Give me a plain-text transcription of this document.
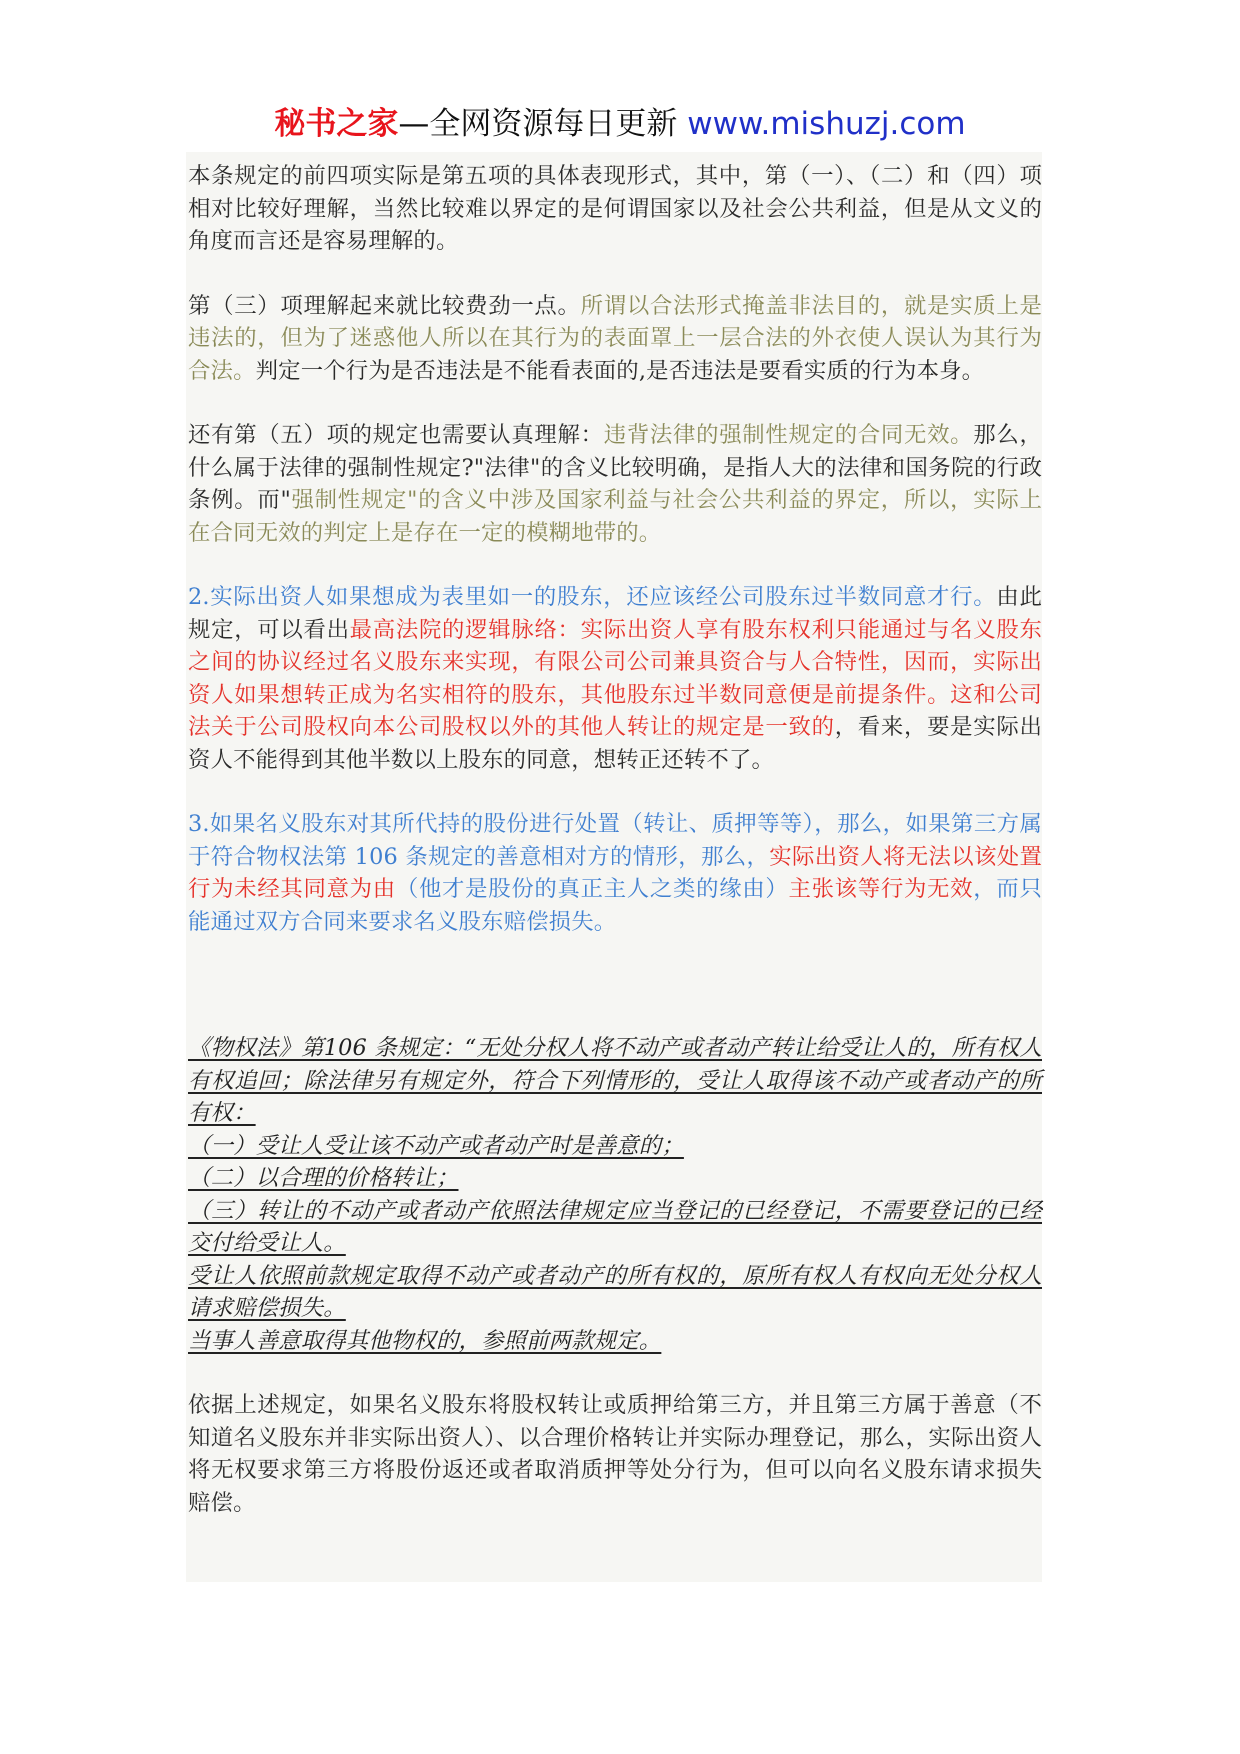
秘书之家—全网资源每日更新 www.mishuzj.com

本条规定的前四项实际是第五项的具体表现形式，其中，第（一）、（二）和（四）项相对比较好理解，当然比较难以界定的是何谓国家以及社会公共利益，但是从文义的角度而言还是容易理解的。

第（三）项理解起来就比较费劲一点。所谓以合法形式掩盖非法目的，就是实质上是违法的，但为了迷惑他人所以在其行为的表面罩上一层合法的外衣使人误认为其行为合法。判定一个行为是否违法是不能看表面的,是否违法是要看实质的行为本身。

还有第（五）项的规定也需要认真理解：违背法律的强制性规定的合同无效。那么，什么属于法律的强制性规定?"法律"的含义比较明确，是指人大的法律和国务院的行政条例。而"强制性规定"的含义中涉及国家利益与社会公共利益的界定，所以，实际上在合同无效的判定上是存在一定的模糊地带的。

2.实际出资人如果想成为表里如一的股东，还应该经公司股东过半数同意才行。由此规定，可以看出最高法院的逻辑脉络：实际出资人享有股东权利只能通过与名义股东之间的协议经过名义股东来实现，有限公司公司兼具资合与人合特性，因而，实际出资人如果想转正成为名实相符的股东，其他股东过半数同意便是前提条件。这和公司法关于公司股权向本公司股权以外的其他人转让的规定是一致的，看来，要是实际出资人不能得到其他半数以上股东的同意，想转正还转不了。

3.如果名义股东对其所代持的股份进行处置（转让、质押等等），那么，如果第三方属于符合物权法第 106 条规定的善意相对方的情形，那么，实际出资人将无法以该处置行为未经其同意为由（他才是股份的真正主人之类的缘由）主张该等行为无效，而只能通过双方合同来要求名义股东赔偿损失。

《物权法》第106 条规定：“无处分权人将不动产或者动产转让给受让人的，所有权人有权追回；除法律另有规定外，符合下列情形的，受让人取得该不动产或者动产的所有权：

（一）受让人受让该不动产或者动产时是善意的；

（二）以合理的价格转让；

（三）转让的不动产或者动产依照法律规定应当登记的已经登记，不需要登记的已经交付给受让人。

受让人依照前款规定取得不动产或者动产的所有权的，原所有权人有权向无处分权人请求赔偿损失。

当事人善意取得其他物权的，参照前两款规定。

依据上述规定，如果名义股东将股权转让或质押给第三方，并且第三方属于善意（不知道名义股东并非实际出资人）、以合理价格转让并实际办理登记，那么，实际出资人将无权要求第三方将股份返还或者取消质押等处分行为，但可以向名义股东请求损失赔偿。
